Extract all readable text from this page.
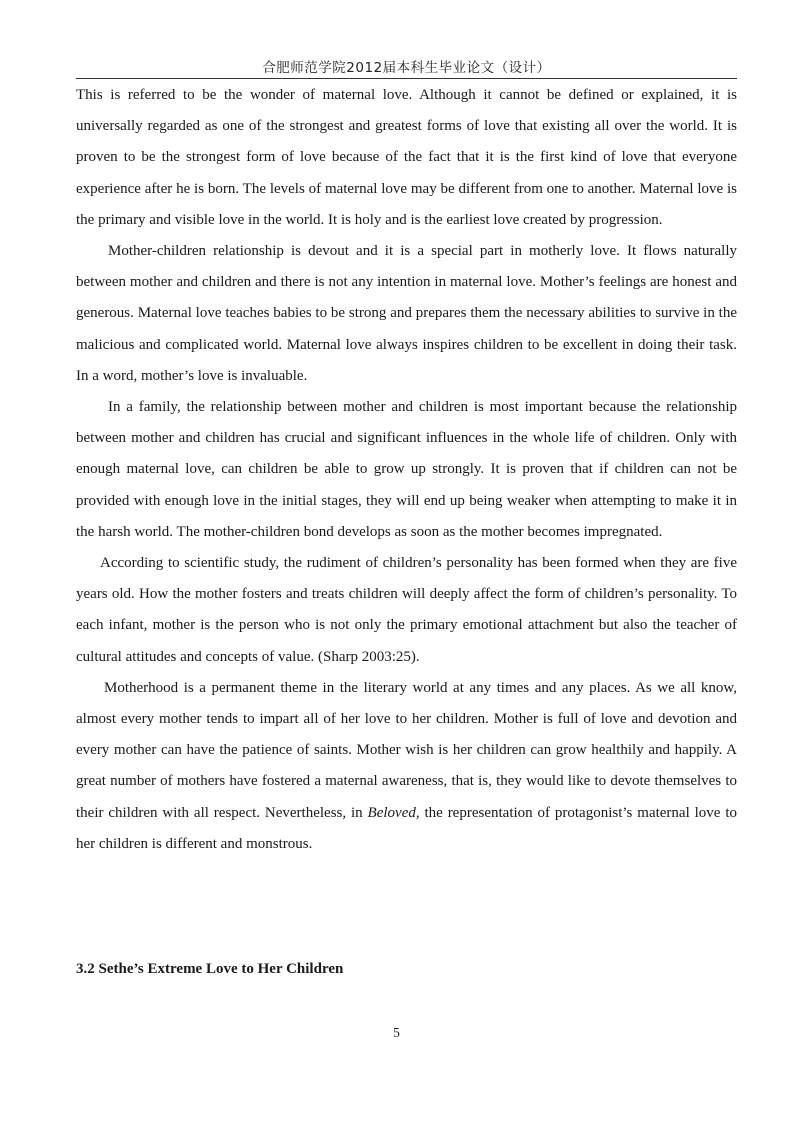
合肥师范学院2012届本科生毕业论文（设计）

This is referred to be the wonder of maternal love. Although it cannot be defined or explained, it is universally regarded as one of the strongest and greatest forms of love that existing all over the world. It is proven to be the strongest form of love because of the fact that it is the first kind of love that everyone experience after he is born. The levels of maternal love may be different from one to another. Maternal love is the primary and visible love in the world. It is holy and is the earliest love created by progression.

Mother-children relationship is devout and it is a special part in motherly love. It flows naturally between mother and children and there is not any intention in maternal love. Mother’s feelings are honest and generous. Maternal love teaches babies to be strong and prepares them the necessary abilities to survive in the malicious and complicated world. Maternal love always inspires children to be excellent in doing their task. In a word, mother’s love is invaluable.

In a family, the relationship between mother and children is most important because the relationship between mother and children has crucial and significant influences in the whole life of children. Only with enough maternal love, can children be able to grow up strongly. It is proven that if children can not be provided with enough love in the initial stages, they will end up being weaker when attempting to make it in the harsh world. The mother-children bond develops as soon as the mother becomes impregnated.

According to scientific study, the rudiment of children’s personality has been formed when they are five years old. How the mother fosters and treats children will deeply affect the form of children’s personality. To each infant, mother is the person who is not only the primary emotional attachment but also the teacher of cultural attitudes and concepts of value. (Sharp 2003:25).

Motherhood is a permanent theme in the literary world at any times and any places. As we all know, almost every mother tends to impart all of her love to her children. Mother is full of love and devotion and every mother can have the patience of saints. Mother wish is her children can grow healthily and happily. A great number of mothers have fostered a maternal awareness, that is, they would like to devote themselves to their children with all respect. Nevertheless, in Beloved, the representation of protagonist’s maternal love to her children is different and monstrous.

3.2 Sethe’s Extreme Love to Her Children
5
